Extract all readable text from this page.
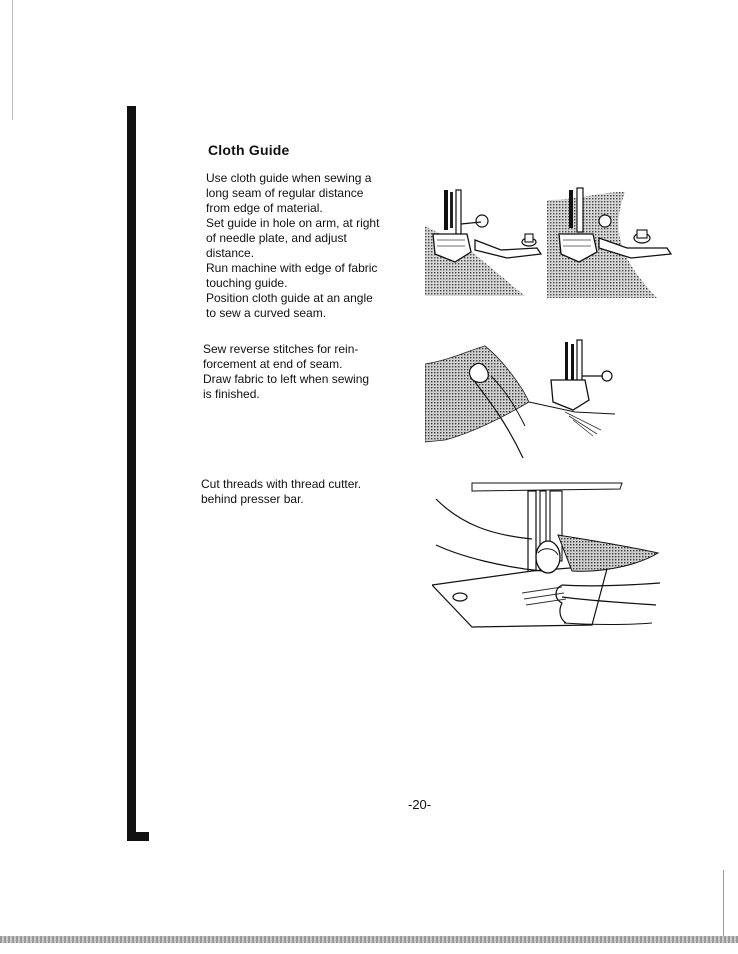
Cloth Guide

Use cloth guide when sewing a
long seam of regular distance
from edge of material.
Set guide in hole on arm, at right
of needle plate, and adjust
distance.
Run machine with edge of fabric
touching guide.
Position cloth guide at an angle
to sew a curved seam.

Sew reverse stitches for rein-
forcement at end of seam.
Draw fabric to left when sewing
is finished.

Cut threads with thread cutter.
behind presser bar.

-20-
